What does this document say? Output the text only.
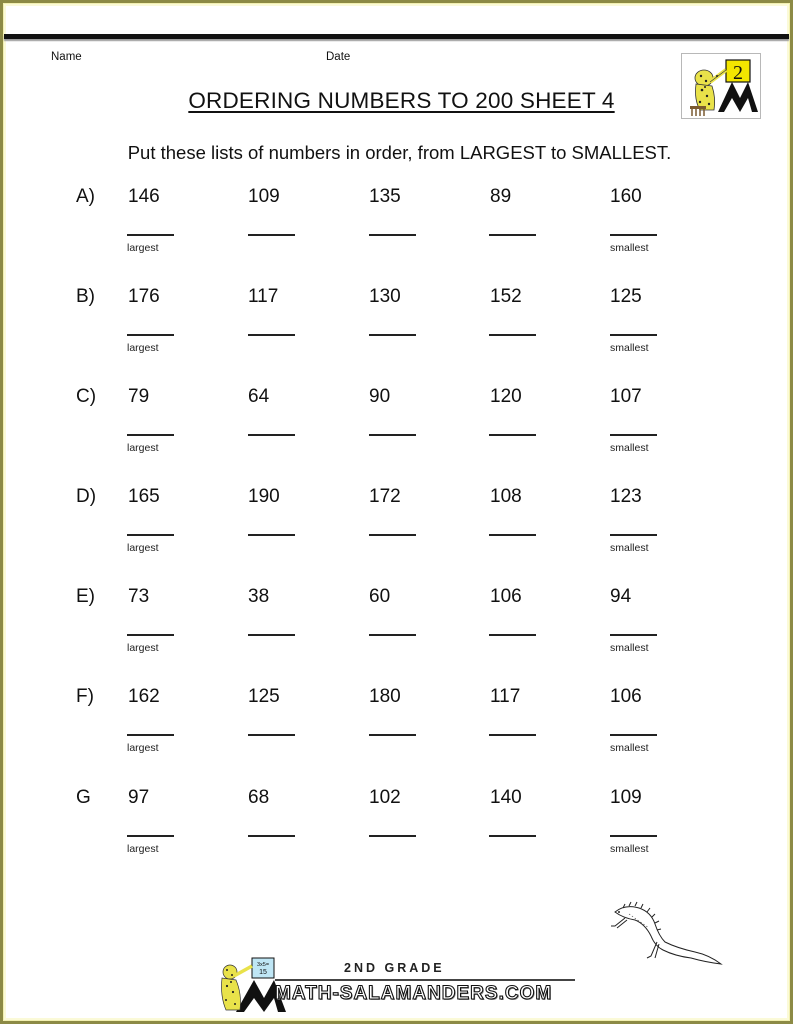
Name	Date
ORDERING NUMBERS TO 200 SHEET 4
2
Put these lists of numbers in order, from LARGEST to SMALLEST.
A) 146	109	135	89	160
largest	smallest
B) 176	117	130	152	125
largest	smallest
C) 79	64	90	120	107
largest	smallest
D) 165	190	172	108	123
largest	smallest
E) 73	38	60	106	94
largest	smallest
F) 162	125	180	117	106
largest	smallest
G 97	68	102	140	109
largest	smallest
3x5=
15	2ND GRADE
MATH-SALAMANDERS.COM
